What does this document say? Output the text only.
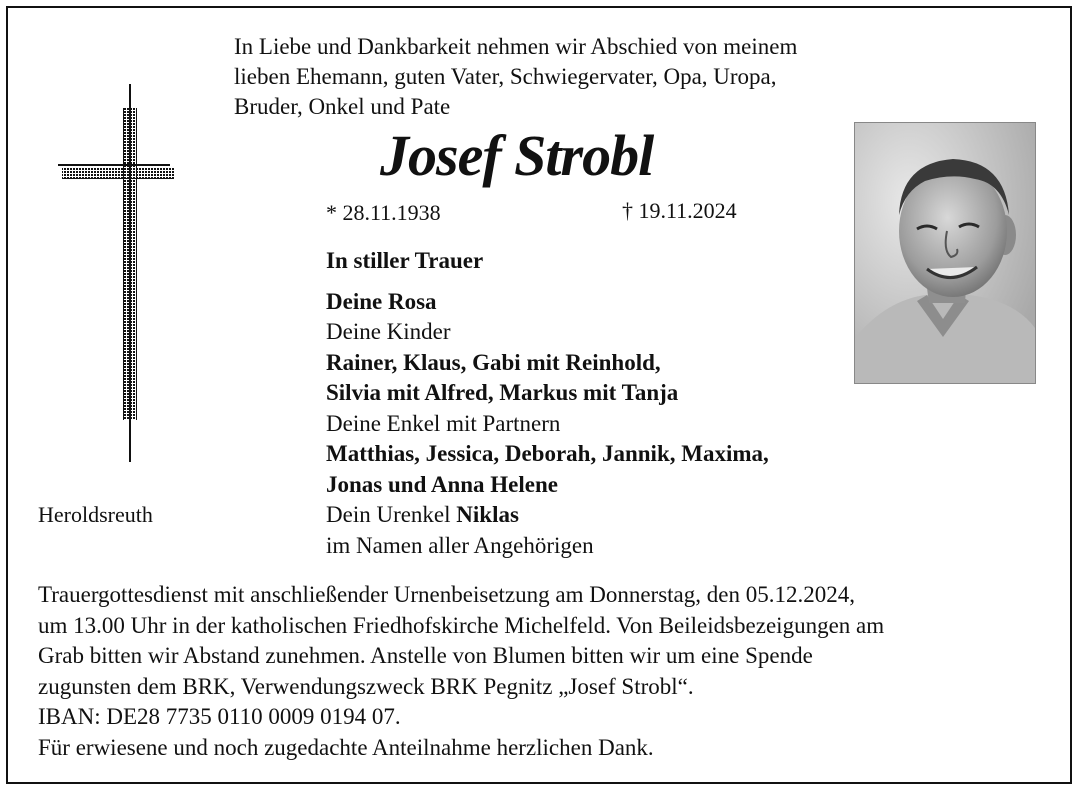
In Liebe und Dankbarkeit nehmen wir Abschied von meinem
lieben Ehemann, guten Vater, Schwiegervater, Opa, Uropa,
Bruder, Onkel und Pate
Josef Strobl
* 28.11.1938	† 19.11.2024
In stiller Trauer
Deine Rosa
Deine Kinder
Rainer, Klaus, Gabi mit Reinhold,
Silvia mit Alfred, Markus mit Tanja
Deine Enkel mit Partnern
Matthias, Jessica, Deborah, Jannik, Maxima,
Jonas und Anna Helene
Dein Urenkel Niklas
im Namen aller Angehörigen
Heroldsreuth
Trauergottesdienst mit anschließender Urnenbeisetzung am Donnerstag, den 05.12.2024,
um 13.00 Uhr in der katholischen Friedhofskirche Michelfeld. Von Beileidsbezeigungen am
Grab bitten wir Abstand zunehmen. Anstelle von Blumen bitten wir um eine Spende
zugunsten dem BRK, Verwendungszweck BRK Pegnitz „Josef Strobl“.
IBAN: DE28 7735 0110 0009 0194 07.
Für erwiesene und noch zugedachte Anteilnahme herzlichen Dank.
